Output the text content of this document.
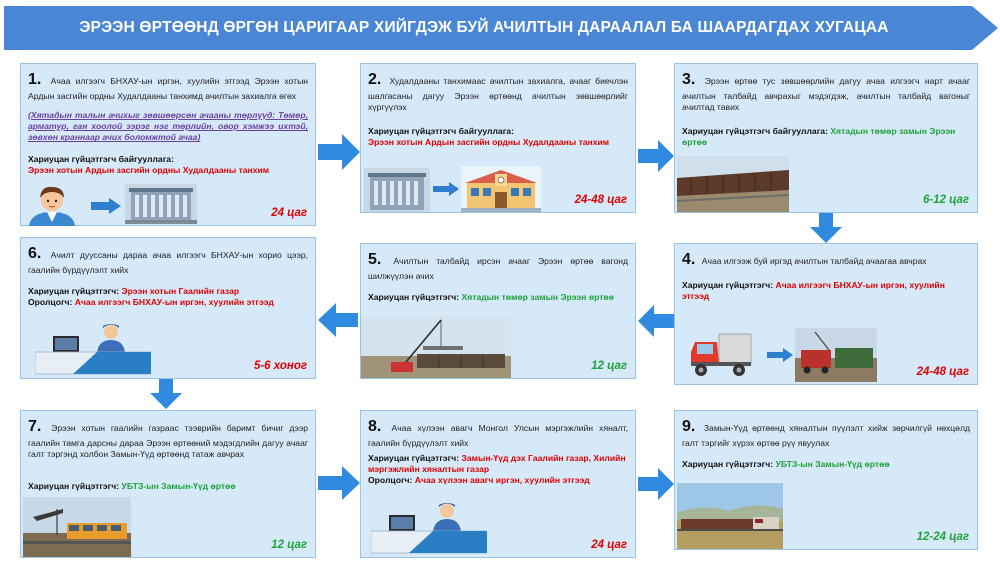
ЭРЭЭН ӨРТӨӨНД ӨРГӨН ЦАРИГААР ХИЙГДЭЖ БУЙ АЧИЛТЫН ДАРААЛАЛ БА ШААРДАГДАХ ХУГАЦАА
1. Ачаа илгээгч БНХАУ-ын иргэн, хуулийн этгээд Эрээн хотын Ардын засгийн ордны Худалдааны танхимд ачилтын захиалга өгөх
(Хятадын талын ачихыг зөвшөөрсөн ачааны төрлүүд: Төмөр, арматур, ган хоолой зэрэг нэг төрлийн, овор хэмжээ ихтэй, зөвхөн краннаар ачих боломжтой ачаа)
Хариуцан гүйцэтгэгч байгууллага:
Эрээн хотын Ардын засгийн ордны Худалдааны танхим
24 цаг
2. Худалдааны танхимаас ачилтын захиалга, ачааг биечлэн шалгасаны дагуу Эрээн өртөөнд ачилтын зөвшөөрлийг хүргүүлэх
Хариуцан гүйцэтгэгч байгууллага:
Эрээн хотын Ардын засгийн ордны Худалдааны танхим
24-48 цаг
3. Эрээн өртөө тус зөвшөөрлийн дагуу ачаа илгээгч нарт ачааг ачилтын талбайд авчрахыг мэдэгдэж, ачилтын талбайд вагоныг ачилтад тавих
Хариуцан гүйцэтгэгч байгууллага: Хятадын төмөр замын Эрээн өртөө
6-12 цаг
4. Ачаа илгээж буй иргэд ачилтын талбайд ачаагаа авчрах
Хариуцан гүйцэтгэгч: Ачаа илгээгч БНХАУ-ын иргэн, хуулийн этгээд
24-48 цаг
5. Ачилтын талбайд ирсэн ачааг Эрээн өртөө вагонд шилжүүлэн ачих
Хариуцан гүйцэтгэгч: Хятадын төмөр замын Эрээн өртөө
12 цаг
6. Ачилт дууссаны дараа ачаа илгээгч БНХАУ-ын хорио цээр, гаалийн бүрдүүлэлт хийх
Хариуцан гүйцэтгэгч: Эрээн хотын Гаалийн газар
Оролцогч: Ачаа илгээгч БНХАУ-ын иргэн, хуулийн этгээд
5-6 хоног
7. Эрээн хотын гаалийн газраас тээврийн баримт бичиг дээр гаалийн тамга дарсны дараа Эрээн өртөөний мэдэгдлийн дагуу ачааг галт тэргэнд холбон Замын-Үүд өртөөнд татаж авчрах
Хариуцан гүйцэтгэгч: УБТЗ-ын Замын-Үүд өртөө
12 цаг
8. Ачаа хүлээн авагч Монгол Улсын мэргэжлийн хяналт, гаалийн бүрдүүлэлт хийх
Хариуцан гүйцэтгэгч: Замын-Үүд дэх Гаалийн газар, Хилийн мэргэжлийн хяналтын газар
Оролцогч: Ачаа хүлээн авагч иргэн, хуулийн этгээд
24 цаг
9. Замын-Үүд өртөөнд хяналтын пүүлэлт хийж зөрчилгүй нөхцөлд галт тэргийг хүрэх өртөө рүү явуулах
Хариуцан гүйцэтгэгч: УБТЗ-ын Замын-Үүд өртөө
12-24 цаг
